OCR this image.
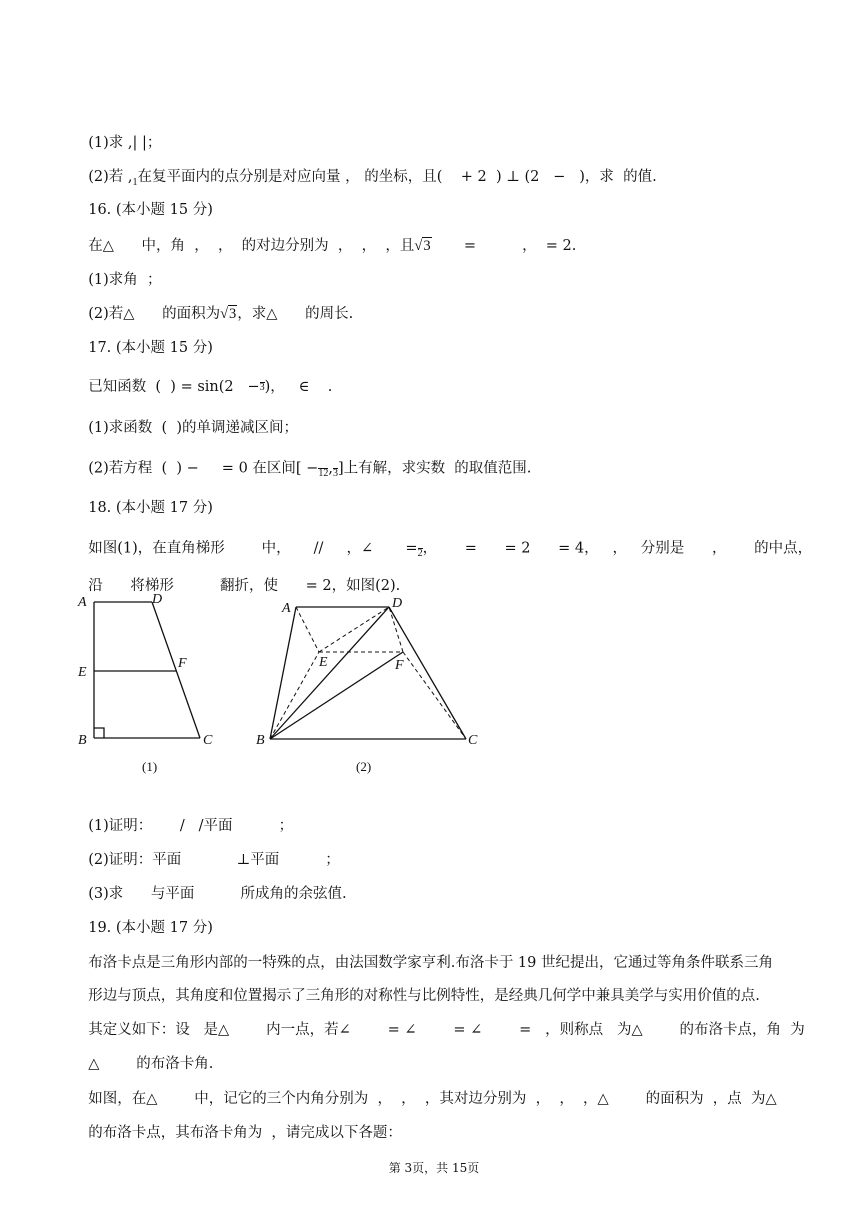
(1)求 ,| |；

(2)若 $,_1$在复平面内的点分别是对应向量 ， 的坐标，且(    + 2  ) ⊥ (2   −   )，求  的值.

16. (本小题 15 分)

在△      中，角  ，  ，  的对边分别为  ，  ，  ，且√3 =          ，  = 2.

(1)求角  ；

(2)若△      的面积为√3，求△      的周长.

17. (本小题 15 分)

已知函数  (  ) = sin(2   − 3 )，   ∈    .

(1)求函数  (  )的单调递减区间；

(2)若方程  (  ) −     = 0 在区间[ − 12 , 3 ]上有解，求实数  的取值范围.

18. (本小题 17 分)

如图(1)，在直角梯形        中，     //     ，∠       = 2 ，      =      = 2      = 4，   ，   分别是      ，      的中点，

沿      将梯形          翻折，使      = 2，如图(2).

A	D
E
F
B	C
(1)
A	D
E	F
B	C
(2)

(1)证明：      /   /平面          ；

(2)证明：平面            ⊥平面          ；

(3)求      与平面          所成角的余弦值.

19. (本小题 17 分)

布洛卡点是三角形内部的一特殊的点，由法国数学家亨利.布洛卡于 19 世纪提出，它通过等角条件联系三角

形边与顶点，其角度和位置揭示了三角形的对称性与比例特性，是经典几何学中兼具美学与实用价值的点.

其定义如下：设   是△        内一点，若∠        = ∠        = ∠        =   ，则称点   为△        的布洛卡点，角  为

△        的布洛卡角.

如图，在△        中，记它的三个内角分别为  ，  ，  ，其对边分别为  ，  ，  ，△        的面积为  ，点  为△

的布洛卡点，其布洛卡角为  ，请完成以下各题：

第 3页，共 15页
